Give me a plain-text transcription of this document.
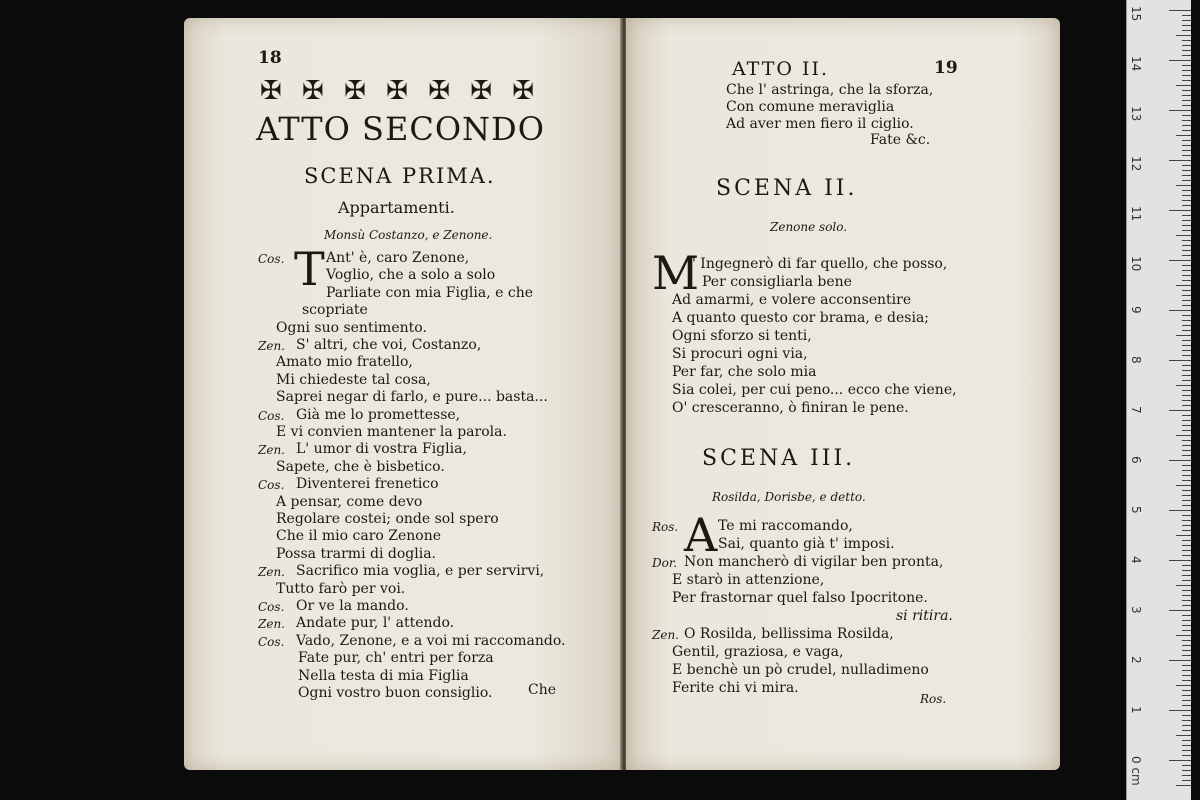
18
✠ ✠ ✠ ✠ ✠ ✠ ✠
ATTO SECONDO
SCENA PRIMA.
Appartamenti.
Monsù Costanzo, e Zenone.
Cos. T Ant' è, caro Zenone,
Voglio, che a solo a solo
Parliate con mia Figlia, e che
scopriate
Ogni suo sentimento.
Zen. S' altri, che voi, Costanzo,
Amato mio fratello,
Mi chiedeste tal cosa,
Saprei negar di farlo, e pure... basta...
Cos. Già me lo promettesse,
E vi convien mantener la parola.
Zen. L' umor di vostra Figlia,
Sapete, che è bisbetico.
Cos. Diventerei frenetico
A pensar, come devo
Regolare costei; onde sol spero
Che il mio caro Zenone
Possa trarmi di doglia.
Zen. Sacrifico mia voglia, e per servirvi,
Tutto farò per voi.
Cos. Or ve la mando.
Zen. Andate pur, l' attendo.
Cos. Vado, Zenone, e a voi mi raccomando.
Fate pur, ch' entri per forza
Nella testa di mia Figlia
Ogni vostro buon consiglio.	Che
ATTO II.	19
Che l' astringa, che la sforza,
Con comune meraviglia
Ad aver men fiero il ciglio.
Fate &c.
SCENA II.
Zenone solo.
M
' Ingegnerò di far quello, che posso,
Per consigliarla bene
Ad amarmi, e volere acconsentire
A quanto questo cor brama, e desia;
Ogni sforzo si tenti,
Si procuri ogni via,
Per far, che solo mia
Sia colei, per cui peno... ecco che viene,
O' cresceranno, ò finiran le pene.
SCENA III.
Rosilda, Dorisbe, e detto.
Ros. A Te mi raccomando,
Sai, quanto già t' imposi.
Dor. Non mancherò di vigilar ben pronta,
E starò in attenzione,
Per frastornar quel falso Ipocritone.
si ritira.
Zen. O Rosilda, bellissima Rosilda,
Gentil, graziosa, e vaga,
E benchè un pò crudel, nulladimeno
Ferite chi vi mira.
Ros.
15
14
13
12
11
10
9
8
7
6
5
4
3
2
1
0 cm
